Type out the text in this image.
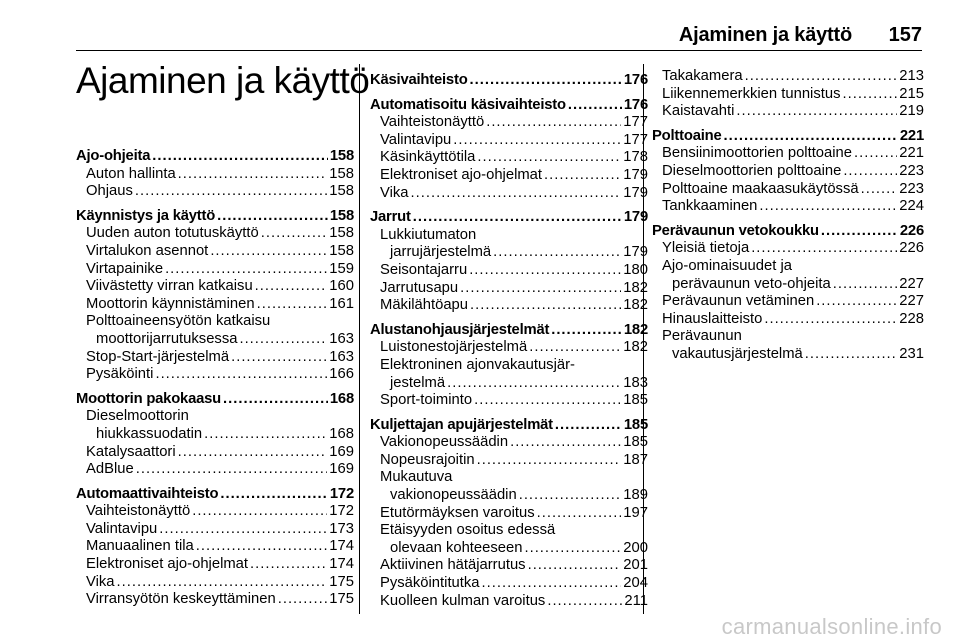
Ajaminen ja käyttö 157
Ajaminen ja käyttö
Ajo-ohjeita .....	158
Auton hallinta .....	158
Ohjaus .....	158
Käynnistys ja käyttö .....	158
Uuden auton totutuskäyttö .....	158
Virtalukon asennot .....	158
Virtapainike .....	159
Viivästetty virran katkaisu .....	160
Moottorin käynnistäminen .....	161
Polttoaineensyötön katkaisu
moottorijarrutuksessa .....	163
Stop-Start-järjestelmä .....	163
Pysäköinti .....	166
Moottorin pakokaasu .....	168
Dieselmoottorin
hiukkassuodatin .....	168
Katalysaattori .....	169
AdBlue .....	169
Automaattivaihteisto .....	172
Vaihteistonäyttö .....	172
Valintavipu .....	173
Manuaalinen tila .....	174
Elektroniset ajo-ohjelmat .....	174
Vika .....	175
Virransyötön keskeyttäminen .....	175
Käsivaihteisto .....	176
Automatisoitu käsivaihteisto .....	176
Vaihteistonäyttö .....	177
Valintavipu .....	177
Käsinkäyttötila .....	178
Elektroniset ajo-ohjelmat .....	179
Vika .....	179
Jarrut .....	179
Lukkiutumaton
jarrujärjestelmä .....	179
Seisontajarru .....	180
Jarrutusapu .....	182
Mäkilähtöapu .....	182
Alustanohjausjärjestelmät .....	182
Luistonestojärjestelmä .....	182
Elektroninen ajonvakautusjär-
jestelmä .....	183
Sport-toiminto .....	185
Kuljettajan apujärjestelmät .....	185
Vakionopeussäädin .....	185
Nopeusrajoitin .....	187
Mukautuva
vakionopeussäädin .....	189
Etutörmäyksen varoitus .....	197
Etäisyyden osoitus edessä
olevaan kohteeseen .....	200
Aktiivinen hätäjarrutus .....	201
Pysäköintitutka .....	204
Kuolleen kulman varoitus .....	211
Takakamera .....	213
Liikennemerkkien tunnistus .....	215
Kaistavahti .....	219
Polttoaine .....	221
Bensiinimoottorien polttoaine .....	221
Dieselmoottorien polttoaine .....	223
Polttoaine maakaasukäytössä .....	223
Tankkaaminen .....	224
Perävaunun vetokoukku .....	226
Yleisiä tietoja .....	226
Ajo-ominaisuudet ja
perävaunun veto-ohjeita .....	227
Perävaunun vetäminen .....	227
Hinauslaitteisto .....	228
Perävaunun
vakautusjärjestelmä .....	231
carmanualsonline.info
